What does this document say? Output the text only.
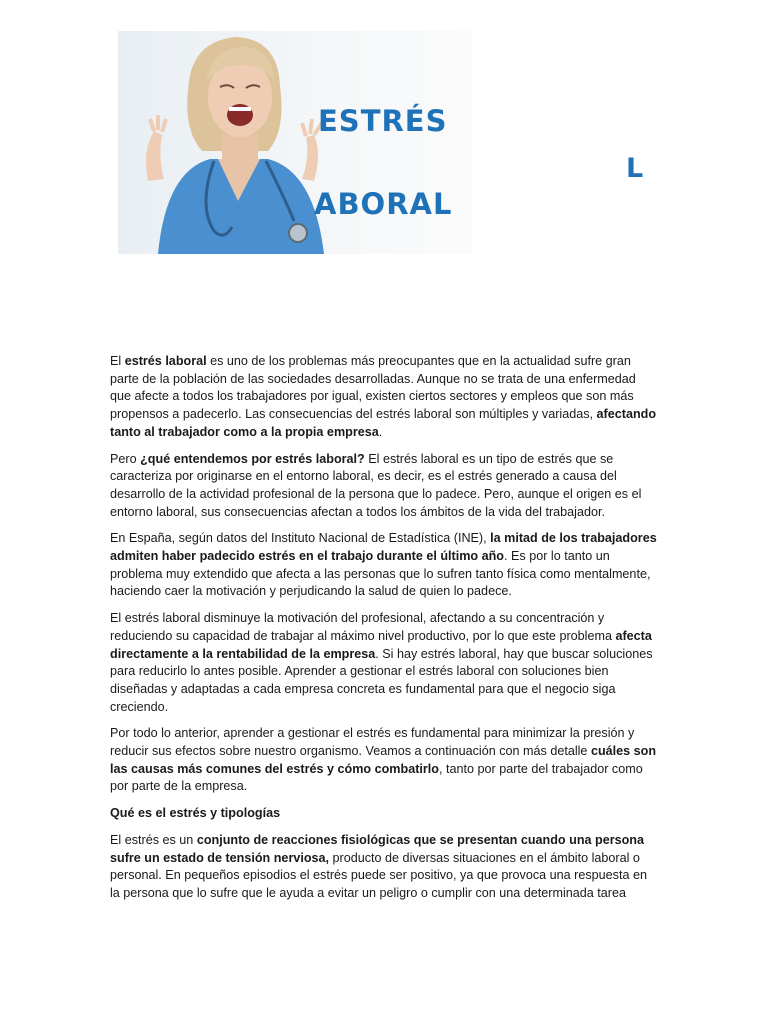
ESTRÉS

ABORAL

L

El estrés laboral es uno de los problemas más preocupantes que en la actualidad sufre gran parte de la población de las sociedades desarrolladas. Aunque no se trata de una enfermedad que afecte a todos los trabajadores por igual, existen ciertos sectores y empleos que son más propensos a padecerlo. Las consecuencias del estrés laboral son múltiples y variadas, afectando tanto al trabajador como a la propia empresa.

Pero ¿qué entendemos por estrés laboral? El estrés laboral es un tipo de estrés que se caracteriza por originarse en el entorno laboral, es decir, es el estrés generado a causa del desarrollo de la actividad profesional de la persona que lo padece. Pero, aunque el origen es el entorno laboral, sus consecuencias afectan a todos los ámbitos de la vida del trabajador.

En España, según datos del Instituto Nacional de Estadística (INE), la mitad de los trabajadores admiten haber padecido estrés en el trabajo durante el último año. Es por lo tanto un problema muy extendido que afecta a las personas que lo sufren tanto física como mentalmente, haciendo caer la motivación y perjudicando la salud de quien lo padece.

El estrés laboral disminuye la motivación del profesional, afectando a su concentración y reduciendo su capacidad de trabajar al máximo nivel productivo, por lo que este problema afecta directamente a la rentabilidad de la empresa. Si hay estrés laboral, hay que buscar soluciones para reducirlo lo antes posible. Aprender a gestionar el estrés laboral con soluciones bien diseñadas y adaptadas a cada empresa concreta es fundamental para que el negocio siga creciendo.

Por todo lo anterior, aprender a gestionar el estrés es fundamental para minimizar la presión y reducir sus efectos sobre nuestro organismo. Veamos a continuación con más detalle cuáles son las causas más comunes del estrés y cómo combatirlo, tanto por parte del trabajador como por parte de la empresa.

Qué es el estrés y tipologías

El estrés es un conjunto de reacciones fisiológicas que se presentan cuando una persona sufre un estado de tensión nerviosa, producto de diversas situaciones en el ámbito laboral o personal. En pequeños episodios el estrés puede ser positivo, ya que provoca una respuesta en la persona que lo sufre que le ayuda a evitar un peligro o cumplir con una determinada tarea
